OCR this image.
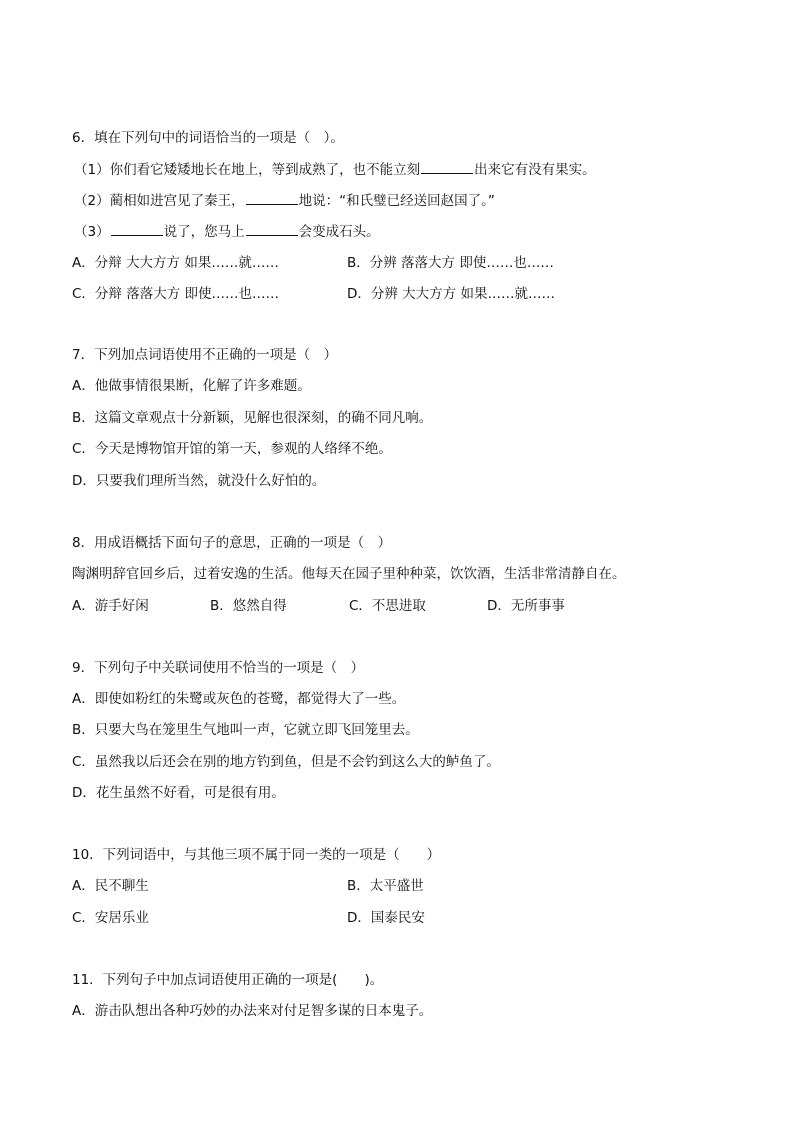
6．填在下列句中的词语恰当的一项是（　）。
（1）你们看它矮矮地长在地上，等到成熟了，也不能立刻	出来它有没有果实。
（2）蔺相如进宫见了秦王，	地说：“和氏璧已经送回赵国了。”
（3）	说了，您马上	会变成石头。
A．分辩 大大方方 如果……就……	B．分辨 落落大方 即使……也……
C．分辩 落落大方 即使……也……	D．分辨 大大方方 如果……就……
7．下列加点词语使用不正确的一项是（　）
A．他做事情很果断，化解了许多难题。
B．这篇文章观点十分新颖，见解也很深刻，的确不同凡响。
C．今天是博物馆开馆的第一天，参观的人络绎不绝。
D．只要我们理所当然，就没什么好怕的。
8．用成语概括下面句子的意思，正确的一项是（　）
陶渊明辞官回乡后，过着安逸的生活。他每天在园子里种种菜，饮饮酒，生活非常清静自在。
A．游手好闲	B．悠然自得	C．不思进取	D．无所事事
9．下列句子中关联词使用不恰当的一项是（　）
A．即使如粉红的朱鹭或灰色的苍鹭，都觉得大了一些。
B．只要大鸟在笼里生气地叫一声，它就立即飞回笼里去。
C．虽然我以后还会在别的地方钓到鱼，但是不会钓到这么大的鲈鱼了。
D．花生虽然不好看，可是很有用。
10．下列词语中，与其他三项不属于同一类的一项是（　　）
A．民不聊生	B．太平盛世
C．安居乐业	D．国泰民安
11．下列句子中加点词语使用正确的一项是(　　)。
A．游击队想出各种巧妙的办法来对付足智多谋的日本鬼子。
